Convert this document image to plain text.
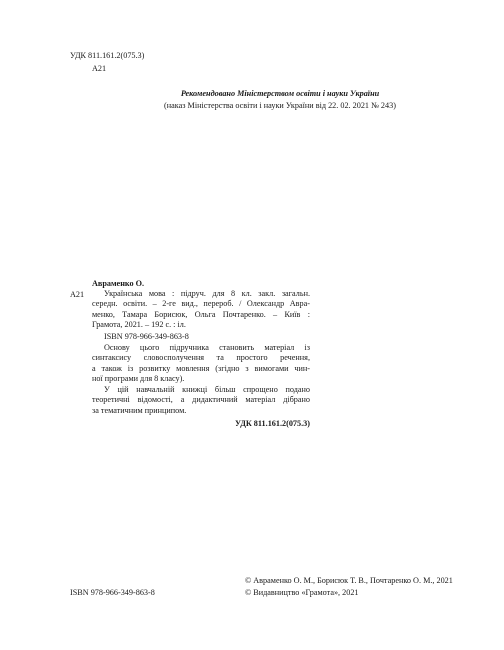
УДК 811.161.2(075.3)
А21
Рекомендовано Міністерством освіти і науки України
(наказ Міністерства освіти і науки України від 22. 02. 2021 № 243)
Авраменко О.
А21 Українська мова : підруч. для 8 кл. закл. загальн.
середн. освіти. – 2-ге вид., перероб. / Олександр Авра-
менко, Тамара Борисюк, Ольга Почтаренко. – Київ :
Грамота, 2021. – 192 с. : іл.
ISBN 978-966-349-863-8
Основу цього підручника становить матеріал із
синтаксису словосполучення та простого речення,
а також із розвитку мовлення (згідно з вимогами чин-
ної програми для 8 класу).
У цій навчальній книжці більш спрощено подано
теоретичні відомості, а дидактичний матеріал дібрано
за тематичним принципом.
УДК 811.161.2(075.3)
ISBN 978-966-349-863-8
© Авраменко О. М., Борисюк Т. В., Почтаренко О. М., 2021
© Видавництво «Грамота», 2021
